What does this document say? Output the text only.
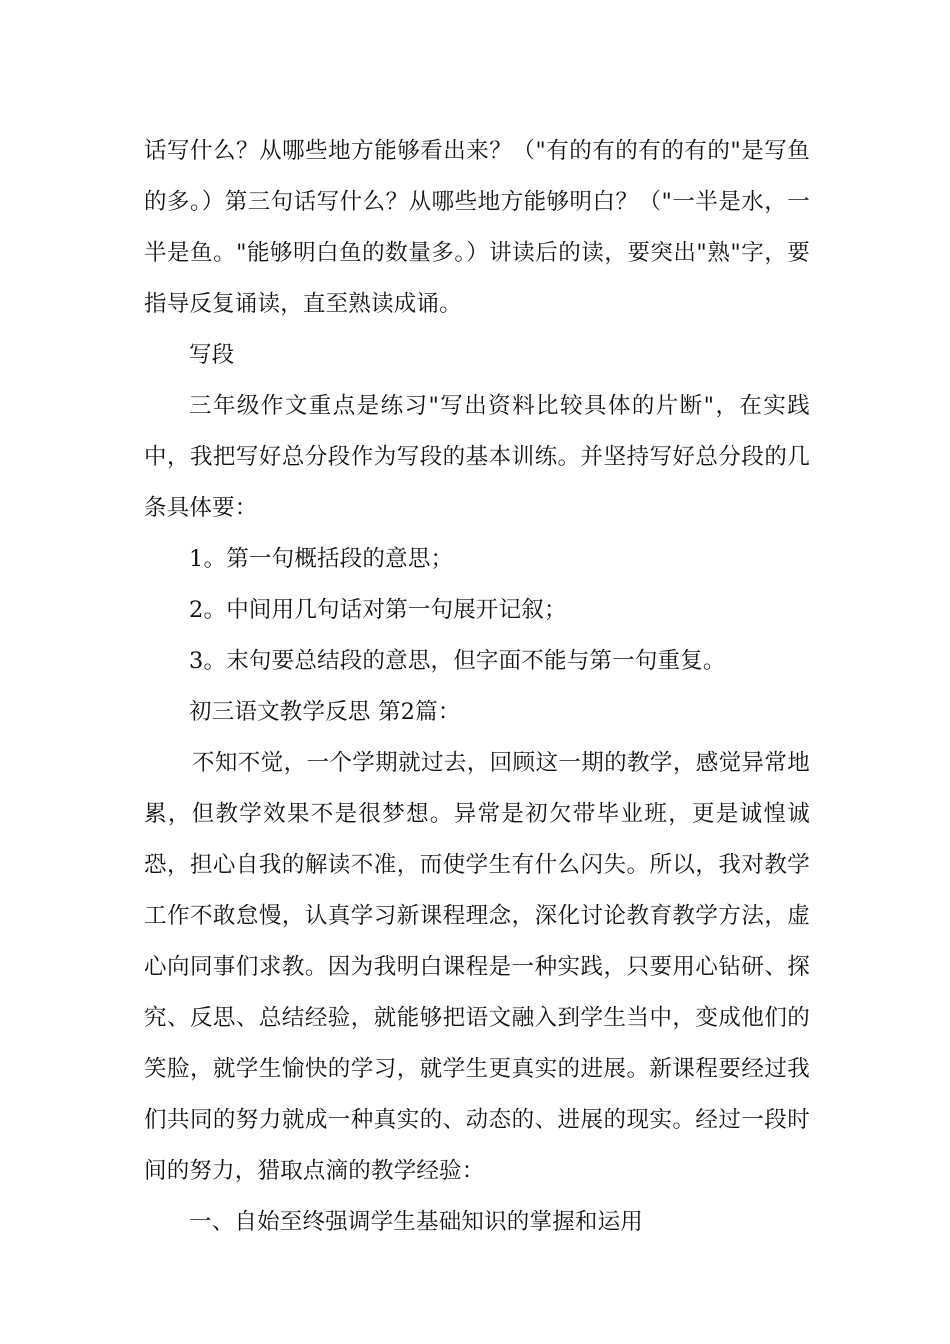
话写什么？从哪些地方能够看出来？（"有的有的有的有的"是写鱼的多。）第三句话写什么？从哪些地方能够明白？（"一半是水，一半是鱼。"能够明白鱼的数量多。）讲读后的读，要突出"熟"字，要指导反复诵读，直至熟读成诵。

写段

三年级作文重点是练习"写出资料比较具体的片断"，在实践中，我把写好总分段作为写段的基本训练。并坚持写好总分段的几条具体要：

1。第一句概括段的意思；

2。中间用几句话对第一句展开记叙；

3。末句要总结段的意思，但字面不能与第一句重复。

初三语文教学反思 第2篇：

不知不觉，一个学期就过去，回顾这一期的教学，感觉异常地累，但教学效果不是很梦想。异常是初欠带毕业班，更是诚惶诚恐，担心自我的解读不准，而使学生有什么闪失。所以，我对教学工作不敢怠慢，认真学习新课程理念，深化讨论教育教学方法，虚心向同事们求教。因为我明白课程是一种实践，只要用心钻研、探究、反思、总结经验，就能够把语文融入到学生当中，变成他们的笑脸，就学生愉快的学习，就学生更真实的进展。新课程要经过我们共同的努力就成一种真实的、动态的、进展的现实。经过一段时间的努力，猎取点滴的教学经验：

一、自始至终强调学生基础知识的掌握和运用
